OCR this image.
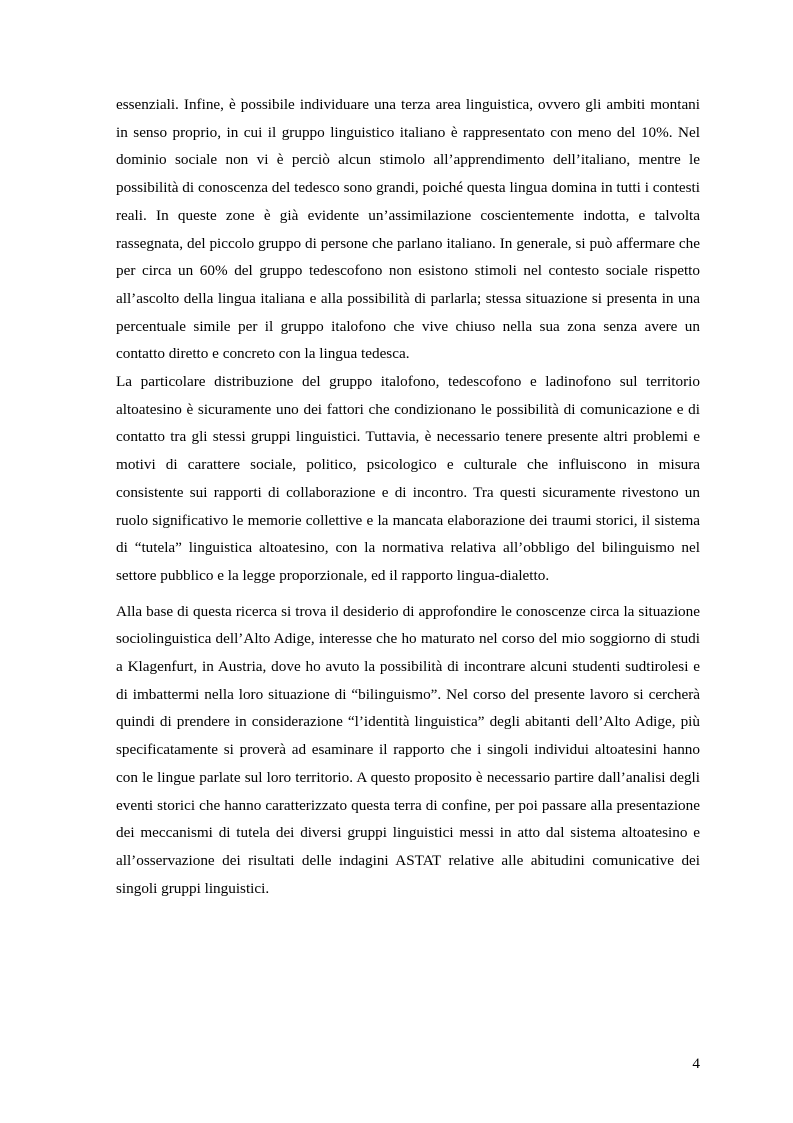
essenziali. Infine, è possibile individuare una terza area linguistica, ovvero gli ambiti montani in senso proprio, in cui il gruppo linguistico italiano è rappresentato con meno del 10%. Nel dominio sociale non vi è perciò alcun stimolo all’apprendimento dell’italiano, mentre le possibilità di conoscenza del tedesco sono grandi, poiché questa lingua domina in tutti i contesti reali. In queste zone è già evidente un’assimilazione coscientemente indotta, e talvolta rassegnata, del piccolo gruppo di persone che parlano italiano. In generale, si può affermare che per circa un 60% del gruppo tedescofono non esistono stimoli nel contesto sociale rispetto all’ascolto della lingua italiana e alla possibilità di parlarla; stessa situazione si presenta in una percentuale simile per il gruppo italofono che vive chiuso nella sua zona senza avere un contatto diretto e concreto con la lingua tedesca.

La particolare distribuzione del gruppo italofono, tedescofono e ladinofono sul territorio altoatesino è sicuramente uno dei fattori che condizionano le possibilità di comunicazione e di contatto tra gli stessi gruppi linguistici. Tuttavia, è necessario tenere presente altri problemi e motivi di carattere sociale, politico, psicologico e culturale che influiscono in misura consistente sui rapporti di collaborazione e di incontro. Tra questi sicuramente rivestono un ruolo significativo le memorie collettive e la mancata elaborazione dei traumi storici, il sistema di “tutela” linguistica altoatesino, con la normativa relativa all’obbligo del bilinguismo nel settore pubblico e la legge proporzionale, ed il rapporto lingua-dialetto.

Alla base di questa ricerca si trova il desiderio di approfondire le conoscenze circa la situazione sociolinguistica dell’Alto Adige, interesse che ho maturato nel corso del mio soggiorno di studi a Klagenfurt, in Austria, dove ho avuto la possibilità di incontrare alcuni studenti sudtirolesi e di imbattermi nella loro situazione di “bilinguismo”. Nel corso del presente lavoro si cercherà quindi di prendere in considerazione “l’identità linguistica” degli abitanti dell’Alto Adige, più specificatamente si proverà ad esaminare il rapporto che i singoli individui altoatesini hanno con le lingue parlate sul loro territorio. A questo proposito è necessario partire dall’analisi degli eventi storici che hanno caratterizzato questa terra di confine, per poi passare alla presentazione dei meccanismi di tutela dei diversi gruppi linguistici messi in atto dal sistema altoatesino e all’osservazione dei risultati delle indagini ASTAT relative alle abitudini comunicative dei singoli gruppi linguistici.

4
